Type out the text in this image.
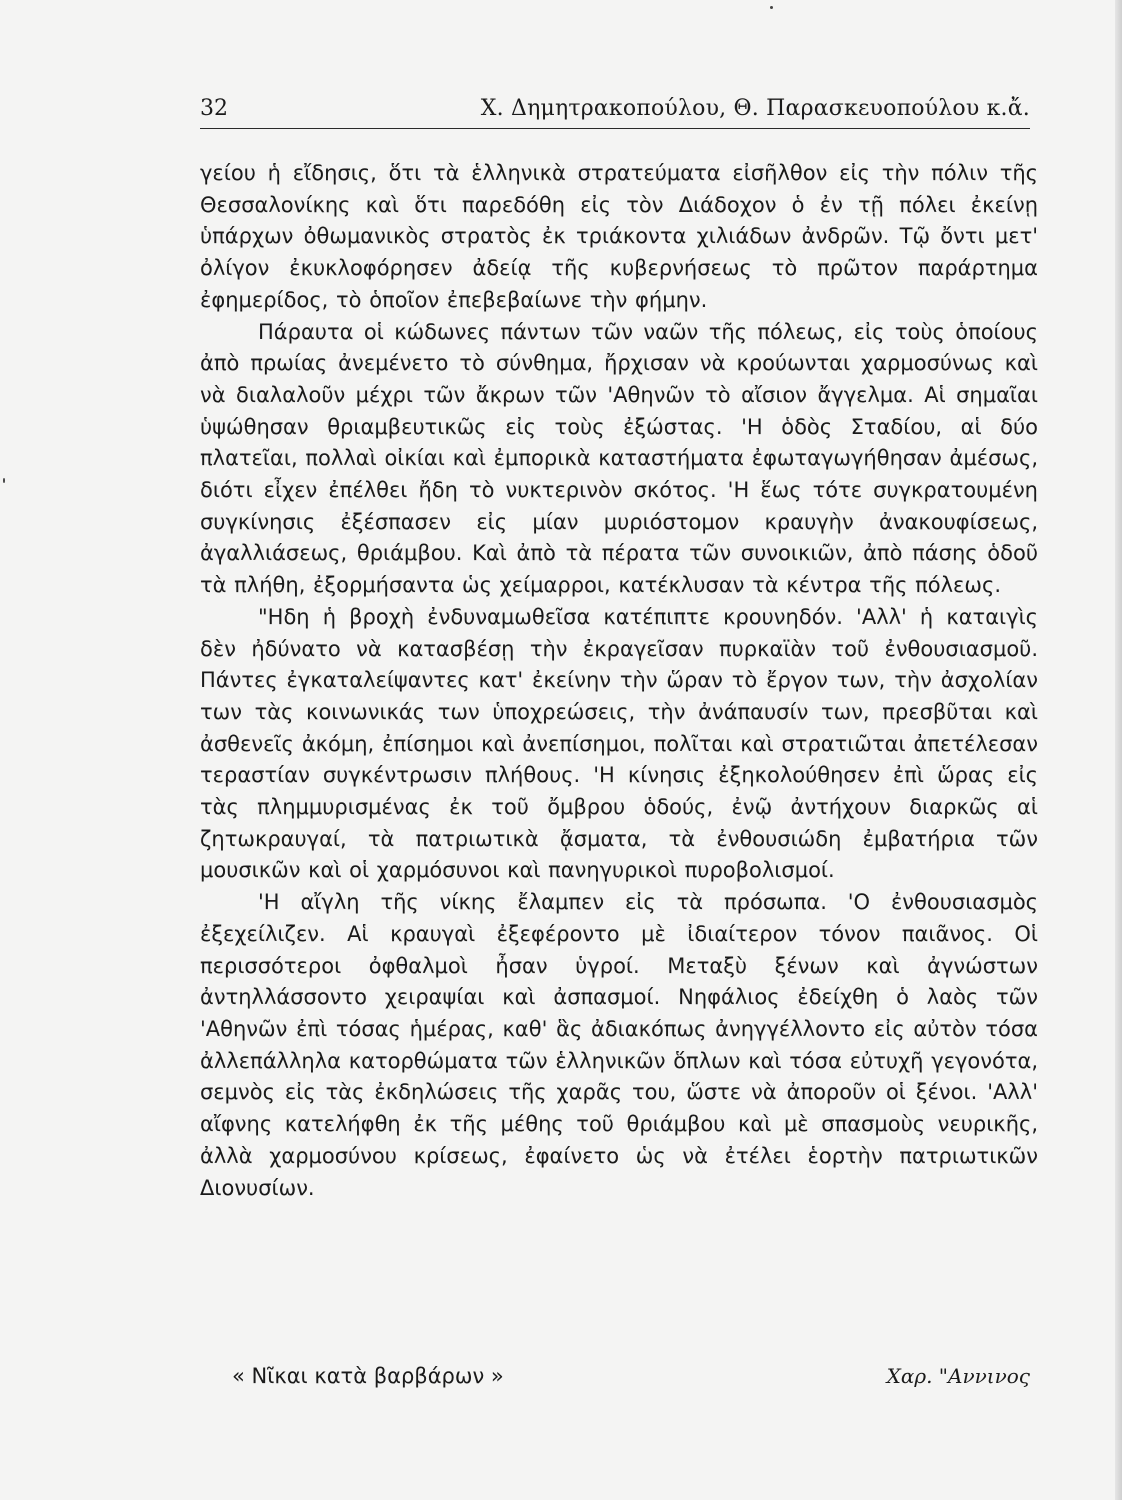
32	Χ. Δημητρακοπούλου, Θ. Παρασκευοπούλου κ.ἄ.

γείου ἡ εἴδησις, ὅτι τὰ ἑλληνικὰ στρατεύματα εἰσῆλθον εἰς τὴν πόλιν τῆς Θεσσαλονίκης καὶ ὅτι παρεδόθη εἰς τὸν Διάδοχον ὁ ἐν τῇ πόλει ἐκείνῃ ὑπάρχων ὀθωμανικὸς στρατὸς ἐκ τριάκοντα χιλιάδων ἀνδρῶν. Τῷ ὄντι μετ' ὀλίγον ἐκυκλοφόρησεν ἀδείᾳ τῆς κυβερνήσεως τὸ πρῶτον παράρτημα ἐφημερίδος, τὸ ὁποῖον ἐπεβεβαίωνε τὴν φήμην.

Πάραυτα οἱ κώδωνες πάντων τῶν ναῶν τῆς πόλεως, εἰς τοὺς ὁποίους ἀπὸ πρωίας ἀνεμένετο τὸ σύνθημα, ἤρχισαν νὰ κρούωνται χαρμοσύνως καὶ νὰ διαλαλοῦν μέχρι τῶν ἄκρων τῶν 'Αθηνῶν τὸ αἴσιον ἄγγελμα. Αἱ σημαῖαι ὑψώθησαν θριαμβευτικῶς εἰς τοὺς ἐξώστας. 'Η ὁδὸς Σταδίου, αἱ δύο πλατεῖαι, πολλαὶ οἰκίαι καὶ ἐμπορικὰ καταστήματα ἐφωταγωγήθησαν ἀμέσως, διότι εἶχεν ἐπέλθει ἤδη τὸ νυκτερινὸν σκότος. 'Η ἕως τότε συγκρατουμένη συγκίνησις ἐξέσπασεν εἰς μίαν μυριόστομον κραυγὴν ἀνακουφίσεως, ἀγαλλιάσεως, θριάμβου. Καὶ ἀπὸ τὰ πέρατα τῶν συνοικιῶν, ἀπὸ πάσης ὁδοῦ τὰ πλήθη, ἐξορμήσαντα ὡς χείμαρροι, κατέκλυσαν τὰ κέντρα τῆς πόλεως.

"Ηδη ἡ βροχὴ ἐνδυναμωθεῖσα κατέπιπτε κρουνηδόν. 'Αλλ' ἡ καταιγὶς δὲν ἠδύνατο νὰ κατασβέσῃ τὴν ἐκραγεῖσαν πυρκαϊὰν τοῦ ἐνθουσιασμοῦ. Πάντες ἐγκαταλείψαντες κατ' ἐκείνην τὴν ὥραν τὸ ἔργον των, τὴν ἀσχολίαν των τὰς κοινωνικάς των ὑποχρεώσεις, τὴν ἀνάπαυσίν των, πρεσβῦται καὶ ἀσθενεῖς ἀκόμη, ἐπίσημοι καὶ ἀνεπίσημοι, πολῖται καὶ στρατιῶται ἀπετέλεσαν τεραστίαν συγκέντρωσιν πλήθους. 'Η κίνησις ἐξηκολούθησεν ἐπὶ ὥρας εἰς τὰς πλημμυρισμένας ἐκ τοῦ ὄμβρου ὁδούς, ἐνῷ ἀντήχουν διαρκῶς αἱ ζητωκραυγαί, τὰ πατριωτικὰ ᾄσματα, τὰ ἐνθουσιώδη ἐμβατήρια τῶν μουσικῶν καὶ οἱ χαρμόσυνοι καὶ πανηγυρικοὶ πυροβολισμοί.

'Η αἴγλη τῆς νίκης ἔλαμπεν εἰς τὰ πρόσωπα. 'Ο ἐνθουσιασμὸς ἐξεχείλιζεν. Αἱ κραυγαὶ ἐξεφέροντο μὲ ἰδιαίτερον τόνον παιᾶνος. Οἱ περισσότεροι ὀφθαλμοὶ ἦσαν ὑγροί. Μεταξὺ ξένων καὶ ἀγνώστων ἀντηλλάσσοντο χειραψίαι καὶ ἀσπασμοί. Νηφάλιος ἐδείχθη ὁ λαὸς τῶν 'Αθηνῶν ἐπὶ τόσας ἡμέρας, καθ' ἃς ἀδιακόπως ἀνηγγέλλοντο εἰς αὐτὸν τόσα ἀλλεπάλληλα κατορθώματα τῶν ἑλληνικῶν ὅπλων καὶ τόσα εὐτυχῆ γεγονότα, σεμνὸς εἰς τὰς ἐκδηλώσεις τῆς χαρᾶς του, ὥστε νὰ ἀποροῦν οἱ ξένοι. 'Αλλ' αἴφνης κατελήφθη ἐκ τῆς μέθης τοῦ θριάμβου καὶ μὲ σπασμοὺς νευρικῆς, ἀλλὰ χαρμοσύνου κρίσεως, ἐφαίνετο ὡς νὰ ἐτέλει ἑορτὴν πατριωτικῶν Διονυσίων.

« Νῖκαι κατὰ βαρβάρων »	Χαρ. "Αννινος
